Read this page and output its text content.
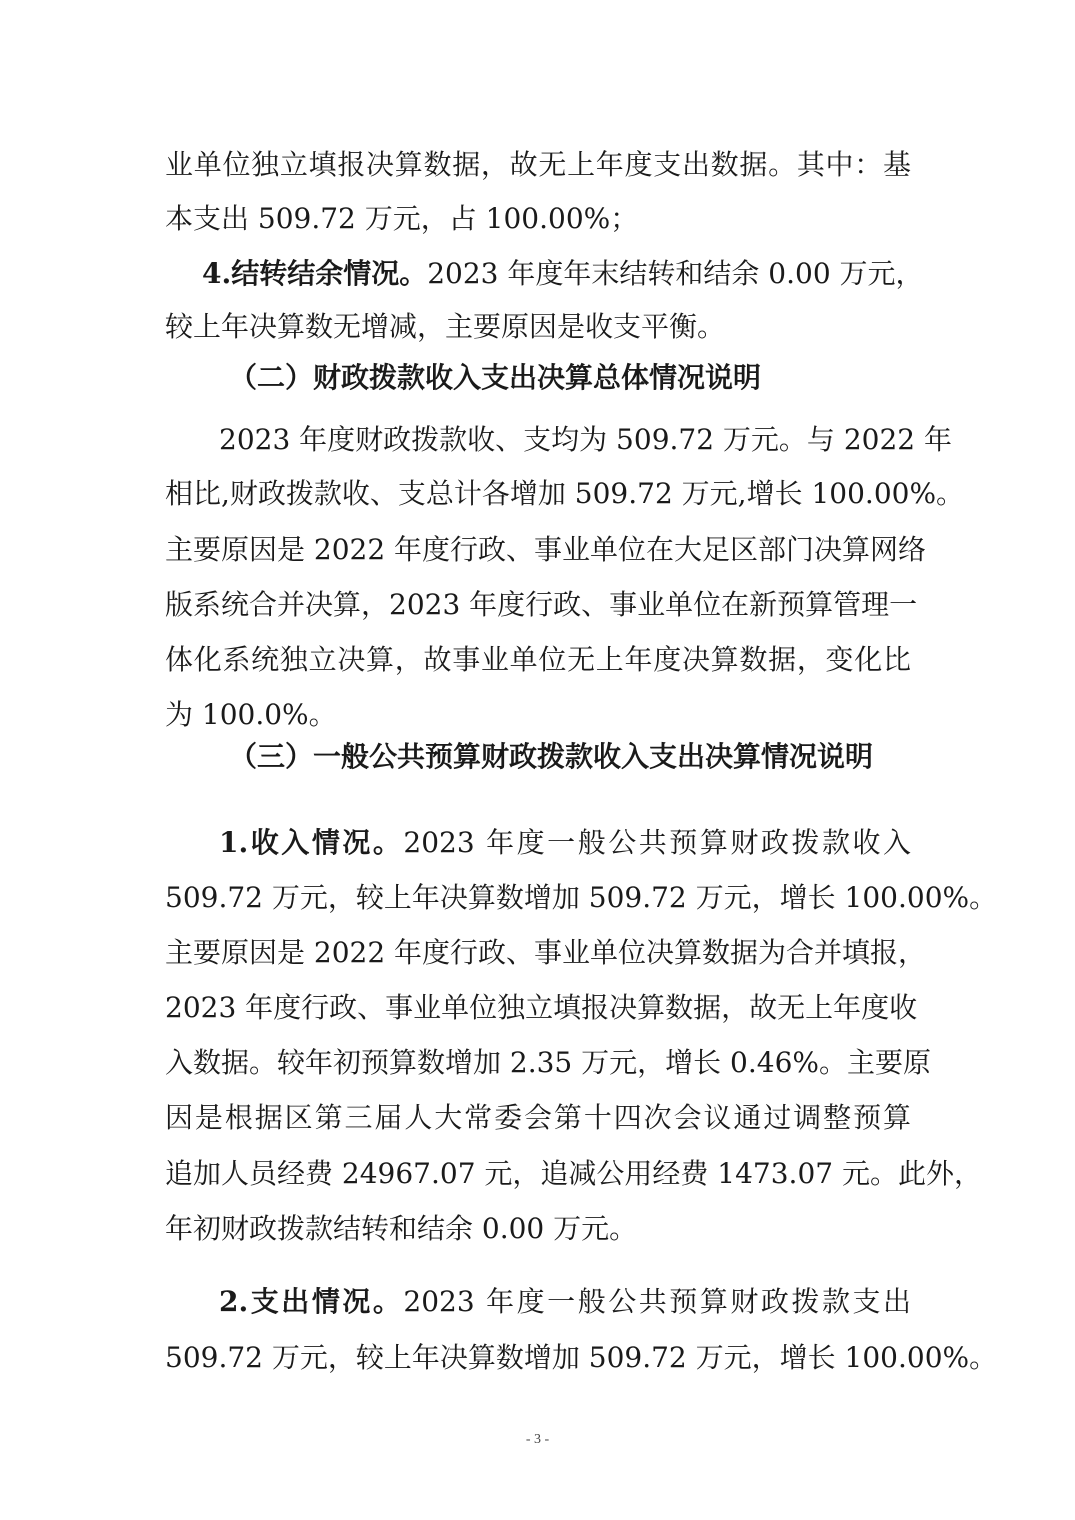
业单位独立填报决算数据，故无上年度支出数据。其中：基
本支出 509.72 万元，占 100.00%；
4.结转结余情况。2023 年度年末结转和结余 0.00 万元，
较上年决算数无增减，主要原因是收支平衡。
（二）财政拨款收入支出决算总体情况说明
2023 年度财政拨款收、支均为 509.72 万元。与 2022 年
相比,财政拨款收、支总计各增加 509.72 万元,增长 100.00%。
主要原因是 2022 年度行政、事业单位在大足区部门决算网络
版系统合并决算，2023 年度行政、事业单位在新预算管理一
体化系统独立决算，故事业单位无上年度决算数据，变化比
为 100.0%。
（三）一般公共预算财政拨款收入支出决算情况说明
1.收入情况。2023 年度一般公共预算财政拨款收入
509.72 万元，较上年决算数增加 509.72 万元，增长 100.00%。
主要原因是 2022 年度行政、事业单位决算数据为合并填报，
2023 年度行政、事业单位独立填报决算数据，故无上年度收
入数据。较年初预算数增加 2.35 万元，增长 0.46%。主要原
因是根据区第三届人大常委会第十四次会议通过调整预算
追加人员经费 24967.07 元，追减公用经费 1473.07 元。此外，
年初财政拨款结转和结余 0.00 万元。
2.支出情况。2023 年度一般公共预算财政拨款支出
509.72 万元，较上年决算数增加 509.72 万元，增长 100.00%。
- 3 -
